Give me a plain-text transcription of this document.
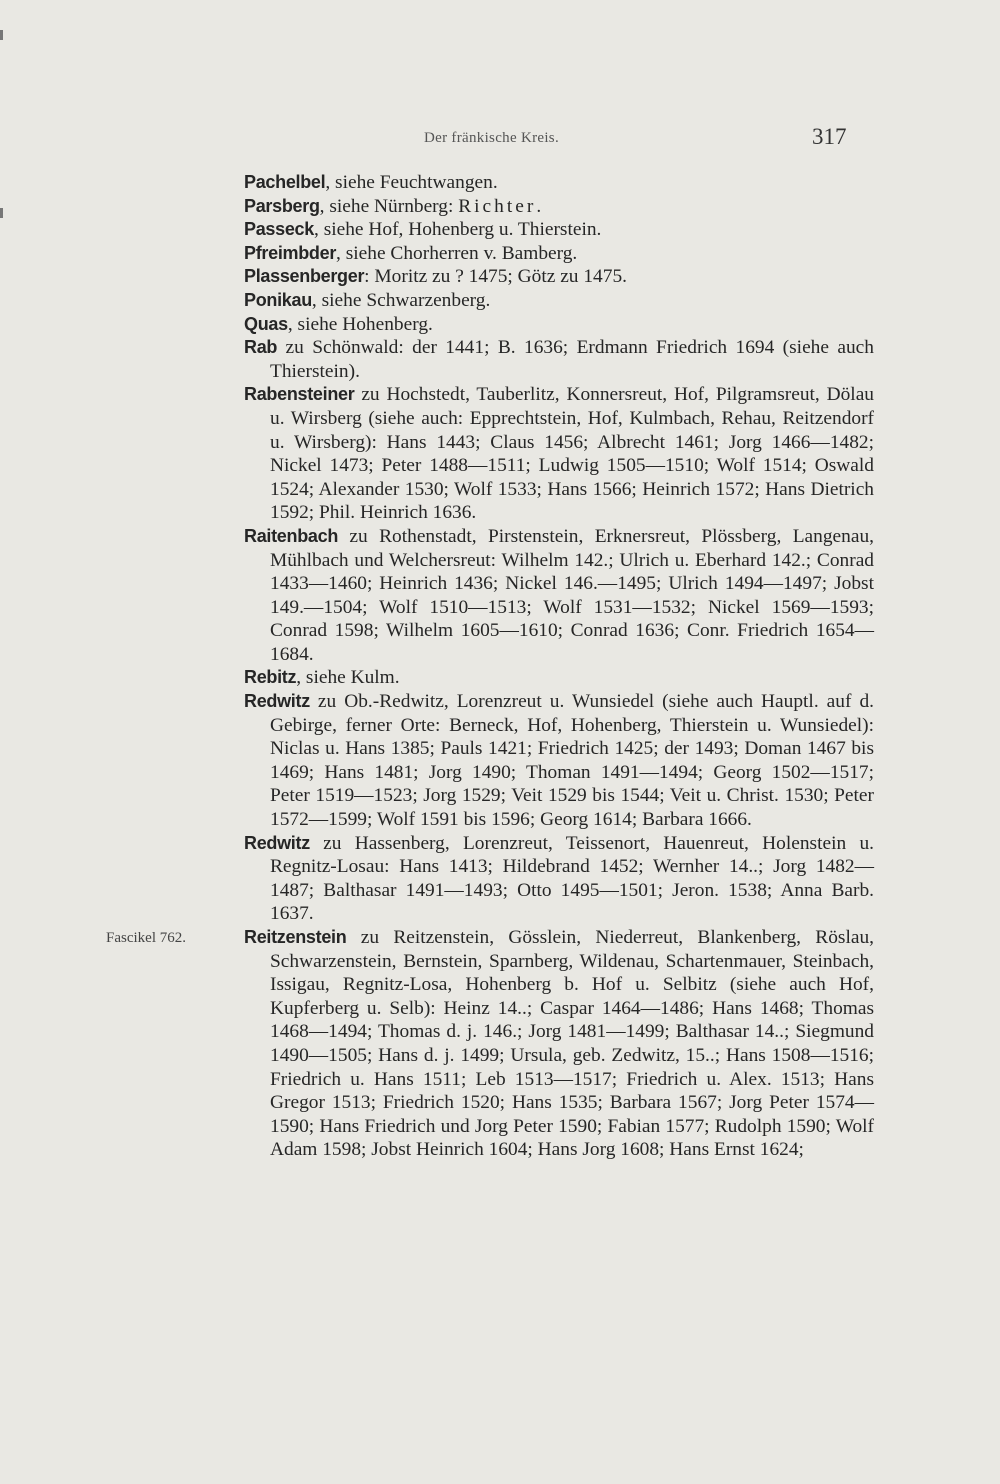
Der fränkische Kreis.	317
Pachelbel, siehe Feuchtwangen.
Parsberg, siehe Nürnberg: Richter.
Passeck, siehe Hof, Hohenberg u. Thierstein.
Pfreimbder, siehe Chorherren v. Bamberg.
Plassenberger: Moritz zu ? 1475; Götz zu 1475.
Ponikau, siehe Schwarzenberg.
Quas, siehe Hohenberg.
Rab zu Schönwald: der 1441; B. 1636; Erdmann Friedrich 1694 (siehe auch Thierstein).
Rabensteiner zu Hochstedt, Tauberlitz, Konnersreut, Hof, Pilgramsreut, Dölau u. Wirsberg (siehe auch: Epprechtstein, Hof, Kulmbach, Rehau, Reitzendorf u. Wirsberg): Hans 1443; Claus 1456; Albrecht 1461; Jorg 1466—1482; Nickel 1473; Peter 1488—1511; Ludwig 1505—1510; Wolf 1514; Oswald 1524; Alexander 1530; Wolf 1533; Hans 1566; Heinrich 1572; Hans Dietrich 1592; Phil. Heinrich 1636.
Raitenbach zu Rothenstadt, Pirstenstein, Erknersreut, Plössberg, Langenau, Mühlbach und Welchersreut: Wilhelm 142.; Ulrich u. Eberhard 142.; Conrad 1433—1460; Heinrich 1436; Nickel 146.—1495; Ulrich 1494—1497; Jobst 149.—1504; Wolf 1510—1513; Wolf 1531—1532; Nickel 1569—1593; Conrad 1598; Wilhelm 1605—1610; Conrad 1636; Conr. Friedrich 1654—1684.
Rebitz, siehe Kulm.
Redwitz zu Ob.-Redwitz, Lorenzreut u. Wunsiedel (siehe auch Hauptl. auf d. Gebirge, ferner Orte: Berneck, Hof, Hohenberg, Thierstein u. Wunsiedel): Niclas u. Hans 1385; Pauls 1421; Friedrich 1425; der 1493; Doman 1467 bis 1469; Hans 1481; Jorg 1490; Thoman 1491—1494; Georg 1502—1517; Peter 1519—1523; Jorg 1529; Veit 1529 bis 1544; Veit u. Christ. 1530; Peter 1572—1599; Wolf 1591 bis 1596; Georg 1614; Barbara 1666.
Redwitz zu Hassenberg, Lorenzreut, Teissenort, Hauenreut, Holenstein u. Regnitz-Losau: Hans 1413; Hildebrand 1452; Wernher 14..; Jorg 1482—1487; Balthasar 1491—1493; Otto 1495—1501; Jeron. 1538; Anna Barb. 1637.
Fascikel 762.	Reitzenstein zu Reitzenstein, Gösslein, Niederreut, Blankenberg, Röslau, Schwarzenstein, Bernstein, Sparnberg, Wildenau, Schartenmauer, Steinbach, Issigau, Regnitz-Losa, Hohenberg b. Hof u. Selbitz (siehe auch Hof, Kupferberg u. Selb): Heinz 14..; Caspar 1464—1486; Hans 1468; Thomas 1468—1494; Thomas d. j. 146.; Jorg 1481—1499; Balthasar 14..; Siegmund 1490—1505; Hans d. j. 1499; Ursula, geb. Zedwitz, 15..; Hans 1508—1516; Friedrich u. Hans 1511; Leb 1513—1517; Friedrich u. Alex. 1513; Hans Gregor 1513; Friedrich 1520; Hans 1535; Barbara 1567; Jorg Peter 1574—1590; Hans Friedrich und Jorg Peter 1590; Fabian 1577; Rudolph 1590; Wolf Adam 1598; Jobst Heinrich 1604; Hans Jorg 1608; Hans Ernst 1624;
